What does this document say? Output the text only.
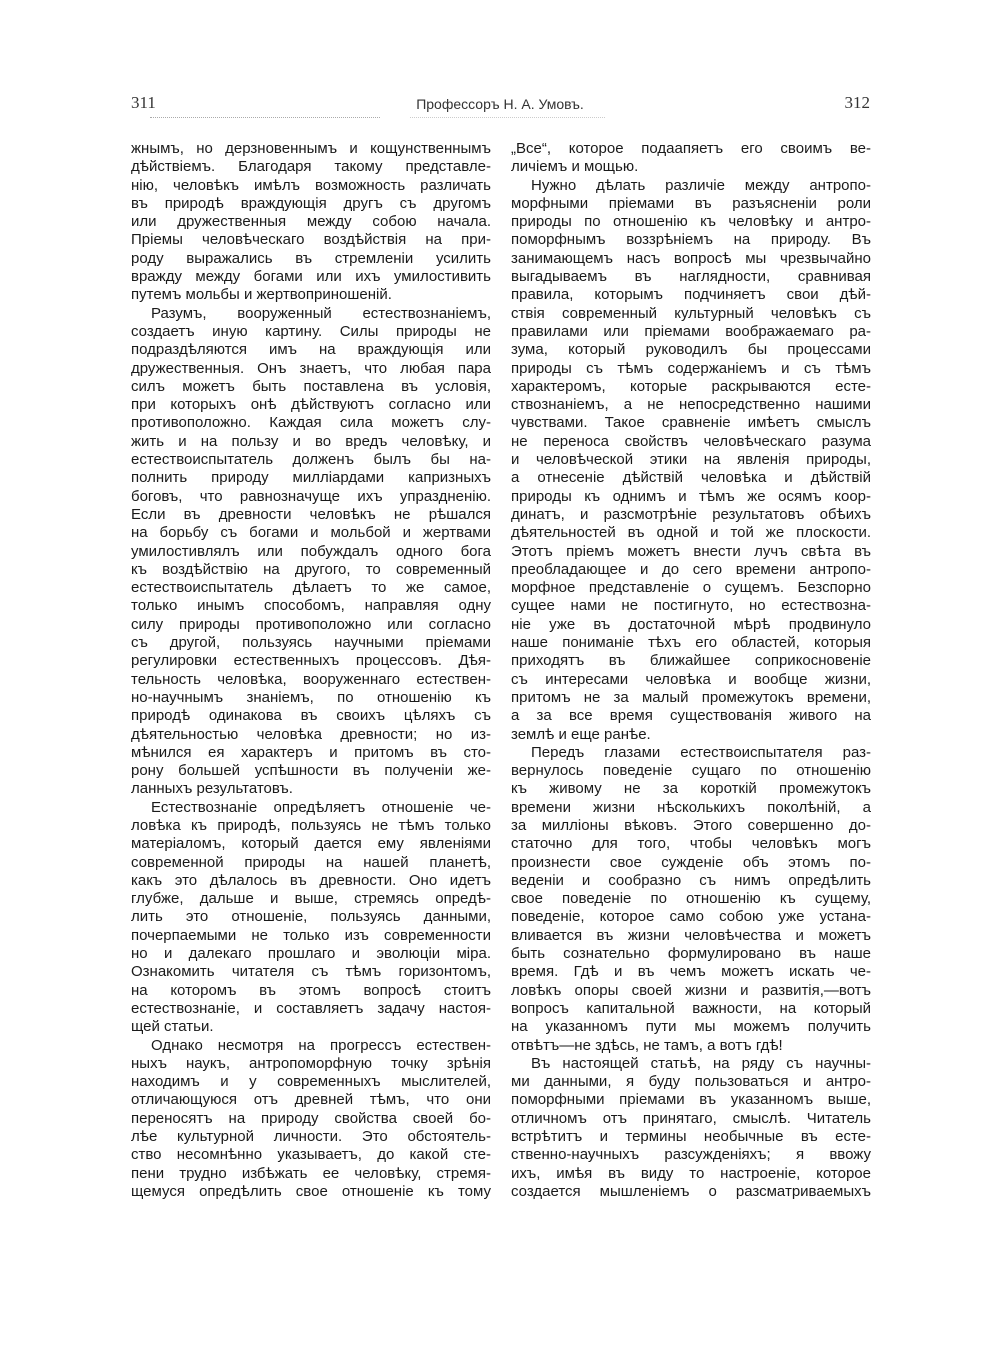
311	Профессоръ Н. А. Умовъ.	312
жнымъ, но дерзновеннымъ и кощунственнымъ
дѣйствіемъ. Благодаря такому представле-
нію, человѣкъ имѣлъ возможность различать
въ природѣ враждующія другъ съ другомъ
или дружественныя между собою начала.
Пріемы человѣческаго воздѣйствія на при-
роду выражались въ стремленіи усилить
вражду между богами или ихъ умилостивить
путемъ мольбы и жертвоприношеній.
Разумъ, вооруженный естествознаніемъ,
создаетъ иную картину. Силы природы не
подраздѣляются имъ на враждующія или
дружественныя. Онъ знаетъ, что любая пара
силъ можетъ быть поставлена въ условія,
при которыхъ онѣ дѣйствуютъ согласно или
противоположно. Каждая сила можетъ слу-
жить и на пользу и во вредъ человѣку, и
естествоиспытатель долженъ былъ бы на-
полнить природу милліардами капризныхъ
боговъ, что равнозначуще ихъ упраздненію.
Если въ древности человѣкъ не рѣшался
на борьбу съ богами и мольбой и жертвами
умилостивлялъ или побуждалъ одного бога
къ воздѣйствію на другого, то современный
естествоиспытатель дѣлаетъ то же самое,
только инымъ способомъ, направляя одну
силу природы противоположно или согласно
съ другой, пользуясь научными пріемами
регулировки естественныхъ процессовъ. Дѣя-
тельность человѣка, вооруженнаго естествен-
но-научнымъ знаніемъ, по отношенію къ
природѣ одинакова въ своихъ цѣляхъ съ
дѣятельностью человѣка древности; но из-
мѣнился ея характеръ и притомъ въ сто-
рону большей успѣшности въ полученіи же-
ланныхъ результатовъ.
Естествознаніе опредѣляетъ отношеніе че-
ловѣка къ природѣ, пользуясь не тѣмъ только
матеріаломъ, который дается ему явленіями
современной природы на нашей планетѣ,
какъ это дѣлалось въ древности. Оно идетъ
глубже, дальше и выше, стремясь опредѣ-
лить это отношеніе, пользуясь данными,
почерпаемыми не только изъ современности
но и далекаго прошлаго и эволюціи міра.
Ознакомить читателя съ тѣмъ горизонтомъ,
на которомъ въ этомъ вопросѣ стоитъ
естествознаніе, и составляетъ задачу настоя-
щей статьи.
Однако несмотря на прогрессъ естествен-
ныхъ наукъ, антропоморфную точку зрѣнія
находимъ и у современныхъ мыслителей,
отличающуюся отъ древней тѣмъ, что они
переносятъ на природу свойства своей бо-
лѣе культурной личности. Это обстоятель-
ство несомнѣнно указываетъ, до какой сте-
пени трудно избѣжать ее человѣку, стремя-
щемуся опредѣлить свое отношеніе къ тому
„Все“, которое подаапяетъ его своимъ ве-
личіемъ и мощью.
Нужно дѣлать различіе между антропо-
морфными пріемами въ разъясненіи роли
природы по отношенію къ человѣку и антро-
поморфнымъ воззрѣніемъ на природу. Въ
занимающемъ насъ вопросѣ мы чрезвычайно
выгадываемъ въ наглядности, сравнивая
правила, которымъ подчиняетъ свои дѣй-
ствія современный культурный человѣкъ съ
правилами или пріемами воображаемаго ра-
зума, который руководилъ бы процессами
природы съ тѣмъ содержаніемъ и съ тѣмъ
характеромъ, которые раскрываются есте-
ствознаніемъ, а не непосредственно нашими
чувствами. Такое сравненіе имѣетъ смыслъ
не переноса свойствъ человѣческаго разума
и человѣческой этики на явленія природы,
а отнесеніе дѣйствій человѣка и дѣйствій
природы къ однимъ и тѣмъ же осямъ коор-
динатъ, и разсмотрѣніе результатовъ обѣихъ
дѣятельностей въ одной и той же плоскости.
Этотъ пріемъ можетъ внести лучъ свѣта въ
преобладающее и до сего времени антропо-
морфное представленіе о сущемъ. Безспорно
сущее нами не постигнуто, но естествозна-
ніе уже въ достаточной мѣрѣ продвинуло
наше пониманіе тѣхъ его областей, которыя
приходятъ въ ближайшее соприкосновеніе
съ интересами человѣка и вообще жизни,
притомъ не за малый промежутокъ времени,
а за все время существованія живого на
землѣ и еще ранѣе.
Передъ глазами естествоиспытателя раз-
вернулось поведеніе сущаго по отношенію
къ живому не за короткій промежутокъ
времени жизни нѣсколькихъ поколѣній, а
за милліоны вѣковъ. Этого совершенно до-
статочно для того, чтобы человѣкъ могъ
произнести свое сужденіе объ этомъ по-
веденіи и сообразно съ нимъ опредѣлить
свое поведеніе по отношенію къ сущему,
поведеніе, которое само собою уже устана-
вливается въ жизни человѣчества и можетъ
быть сознательно формулировано въ наше
время. Гдѣ и въ чемъ можетъ искать че-
ловѣкъ опоры своей жизни и развитія,—вотъ
вопросъ капитальной важности, на который
на указанномъ пути мы можемъ получить
отвѣтъ—не здѣсь, не тамъ, а вотъ гдѣ!
Въ настоящей статьѣ, на ряду съ научны-
ми данными, я буду пользоваться и антро-
поморфными пріемами въ указанномъ выше,
отличномъ отъ принятаго, смыслѣ. Читатель
встрѣтитъ и термины необычные въ есте-
ственно-научныхъ разсужденіяхъ; я ввожу
ихъ, имѣя въ виду то настроеніе, которое
создается мышленіемъ о разсматриваемыхъ
